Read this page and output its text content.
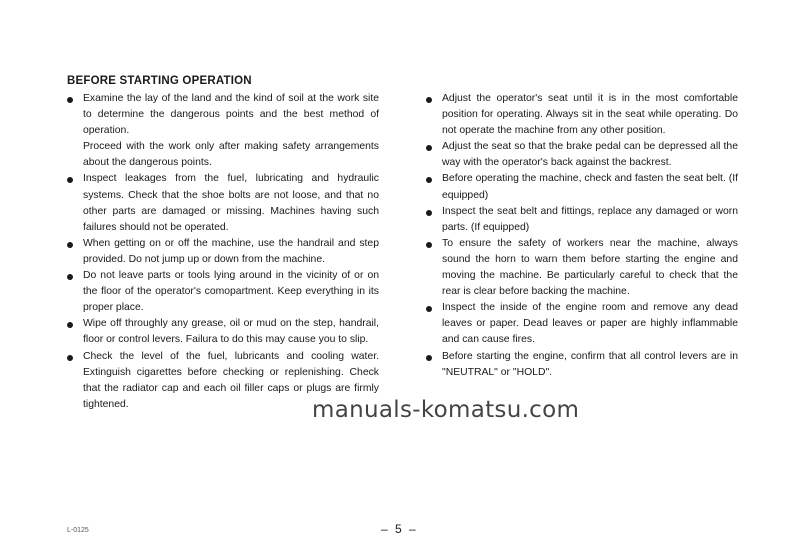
BEFORE STARTING OPERATION
Examine the lay of the land and the kind of soil at the work site to determine the dangerous points and the best method of operation.
Proceed with the work only after making safety arrangements about the dangerous points.
Inspect leakages from the fuel, lubricating and hydraulic systems. Check that the shoe bolts are not loose, and that no other parts are damaged or missing. Machines having such failures should not be operated.
When getting on or off the machine, use the handrail and step provided. Do not jump up or down from the machine.
Do not leave parts or tools lying around in the vicinity of or on the floor of the operator's comopartment. Keep everything in its proper place.
Wipe off throughly any grease, oil or mud on the step, handrail, floor or control levers. Failura to do this may cause you to slip.
Check the level of the fuel, lubricants and cooling water. Extinguish cigarettes before checking or replenishing. Check that the radiator cap and each oil filler caps or plugs are firmly tightened.
Adjust the operator's seat until it is in the most comfortable position for operating. Always sit in the seat while operating. Do not operate the machine from any other position.
Adjust the seat so that the brake pedal can be depressed all the way with the operator's back against the backrest.
Before operating the machine, check and fasten the seat belt. (If equipped)
Inspect the seat belt and fittings, replace any damaged or worn parts. (If equipped)
To ensure the safety of workers near the machine, always sound the horn to warn them before starting the engine and moving the machine. Be particularly careful to check that the rear is clear before backing the machine.
Inspect the inside of the engine room and remove any dead leaves or paper. Dead leaves or paper are highly inflammable and can cause fires.
Before starting the engine, confirm that all control levers are in "NEUTRAL" or "HOLD".
manuals-komatsu.com
– 5 –
L-0125
